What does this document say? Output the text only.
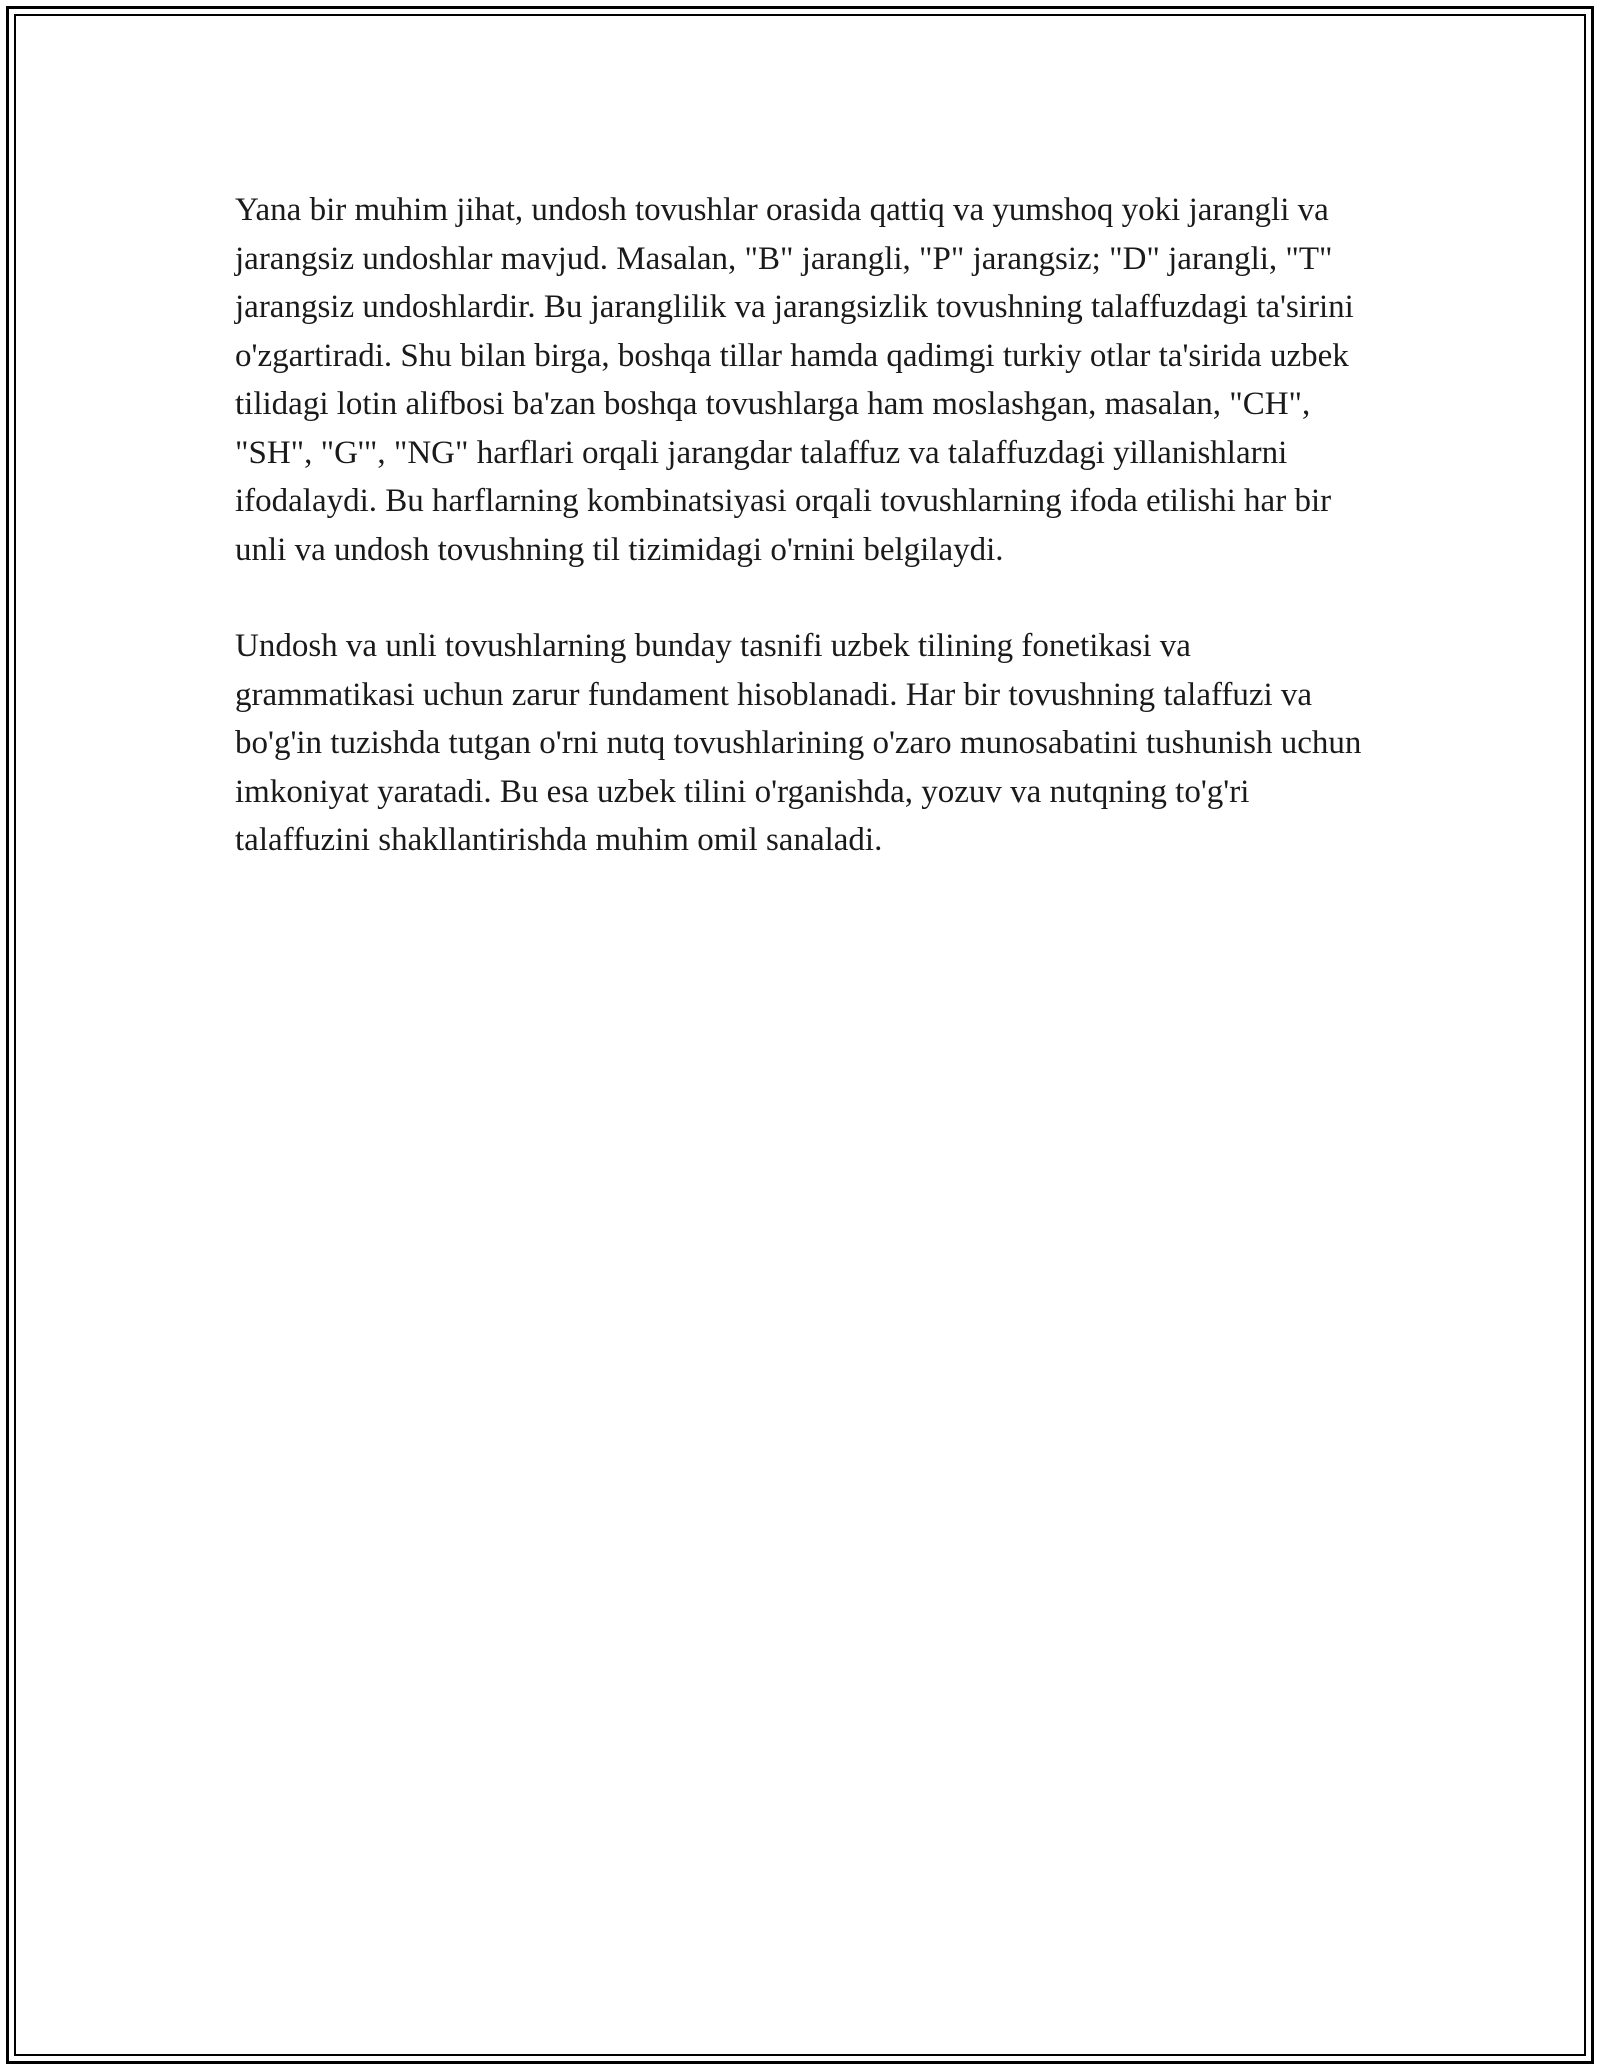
Yana bir muhim jihat, undosh tovushlar orasida qattiq va yumshoq yoki jarangli va jarangsiz undoshlar mavjud. Masalan, "B" jarangli, "P" jarangsiz; "D" jarangli, "T" jarangsiz undoshlardir. Bu jaranglilik va jarangsizlik tovushning talaffuzdagi ta'sirini o'zgartiradi. Shu bilan birga, boshqa tillar hamda qadimgi turkiy otlar ta'sirida uzbek tilidagi lotin alifbosi ba'zan boshqa tovushlarga ham moslashgan, masalan, "CH", "SH", "G'", "NG" harflari orqali jarangdar talaffuz va talaffuzdagi yillanishlarni ifodalaydi. Bu harflarning kombinatsiyasi orqali tovushlarning ifoda etilishi har bir unli va undosh tovushning til tizimidagi o'rnini belgilaydi.

Undosh va unli tovushlarning bunday tasnifi uzbek tilining fonetikasi va grammatikasi uchun zarur fundament hisoblanadi. Har bir tovushning talaffuzi va bo'g'in tuzishda tutgan o'rni nutq tovushlarining o'zaro munosabatini tushunish uchun imkoniyat yaratadi. Bu esa uzbek tilini o'rganishda, yozuv va nutqning to'g'ri talaffuzini shakllantirishda muhim omil sanaladi.
